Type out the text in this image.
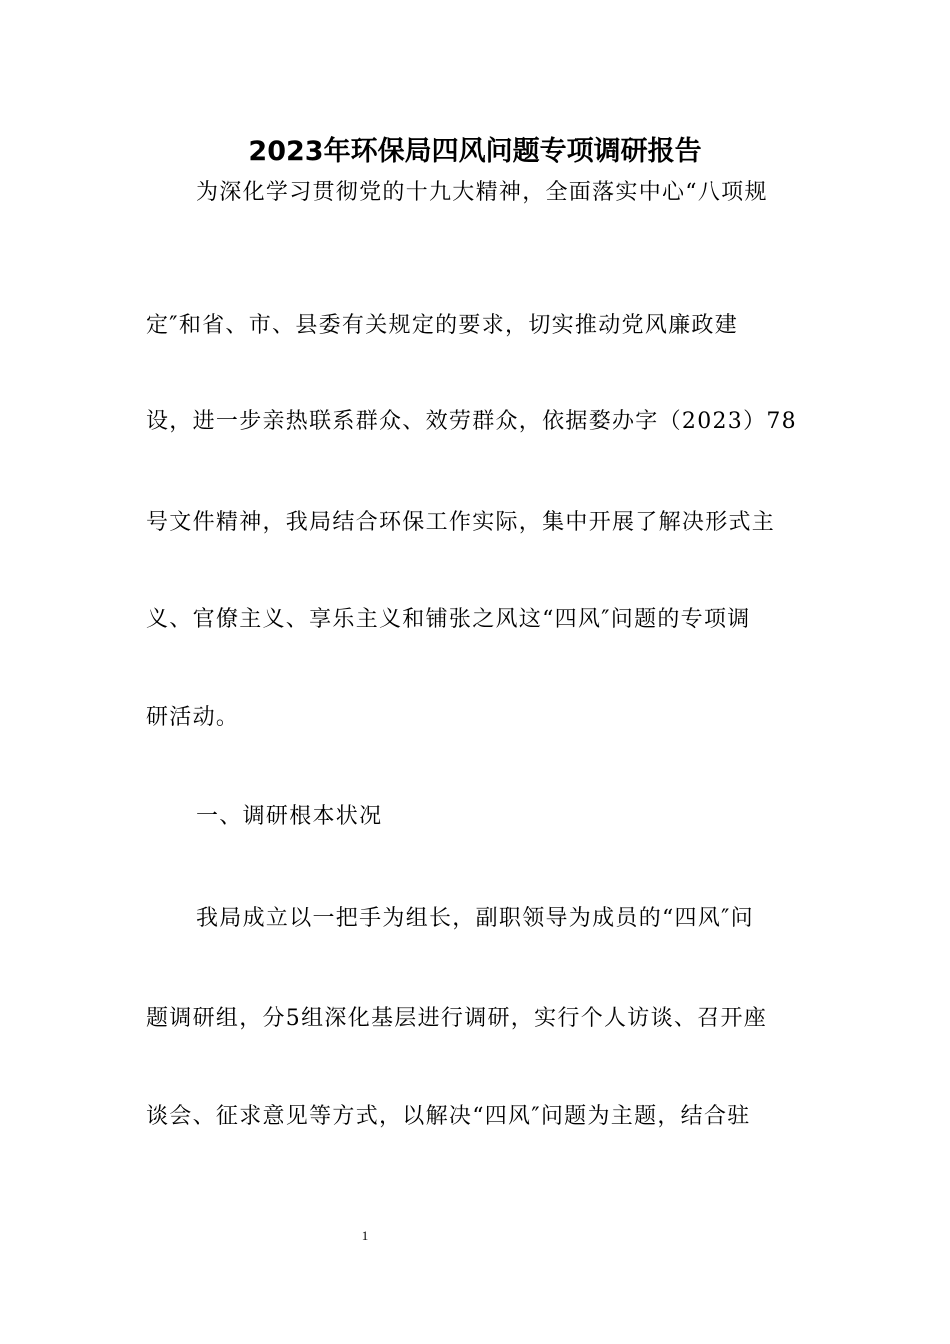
2023年环保局四风问题专项调研报告
为深化学习贯彻党的十九大精神，全面落实中心“八项规
定″和省、市、县委有关规定的要求，切实推动党风廉政建
设，进一步亲热联系群众、效劳群众，依据婺办字（2023）78
号文件精神，我局结合环保工作实际，集中开展了解决形式主
义、官僚主义、享乐主义和铺张之风这“四风″问题的专项调
研活动。
一、调研根本状况
我局成立以一把手为组长，副职领导为成员的“四风″问
题调研组，分5组深化基层进行调研，实行个人访谈、召开座
谈会、征求意见等方式，以解决“四风″问题为主题，结合驻
1
